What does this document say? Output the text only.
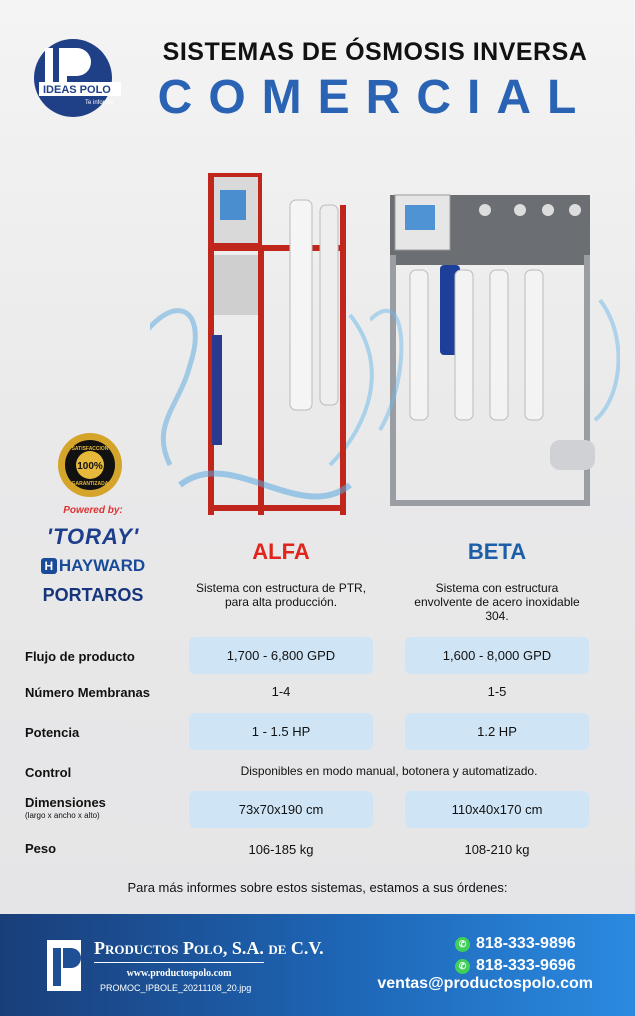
IDEAS POLO
Te informa
SISTEMAS DE ÓSMOSIS INVERSA
COMERCIAL
100%
SATISFACCION
GARANTIZADA
Powered by:
'TORAY'
H HAYWARD
PORTAROS
ALFA	BETA
Sistema con estructura de PTR, para alta producción.
Sistema con estructura envolvente de acero inoxidable 304.
Flujo de producto	1,700 - 6,800 GPD	1,600 - 8,000 GPD
Número Membranas	1-4	1-5
Potencia	1 - 1.5 HP	1.2 HP
Control	Disponibles en modo manual, botonera y automatizado.
Dimensiones
(largo x ancho x alto)	73x70x190 cm	110x40x170 cm
Peso	106-185 kg	108-210 kg
Para más informes sobre estos sistemas, estamos a sus órdenes:
Productos Polo, S.A. de C.V.
www.productospolo.com
PROMOC_IPBOLE_20211108_20.jpg
✆ 818-333-9896
✆ 818-333-9696
ventas@productospolo.com
